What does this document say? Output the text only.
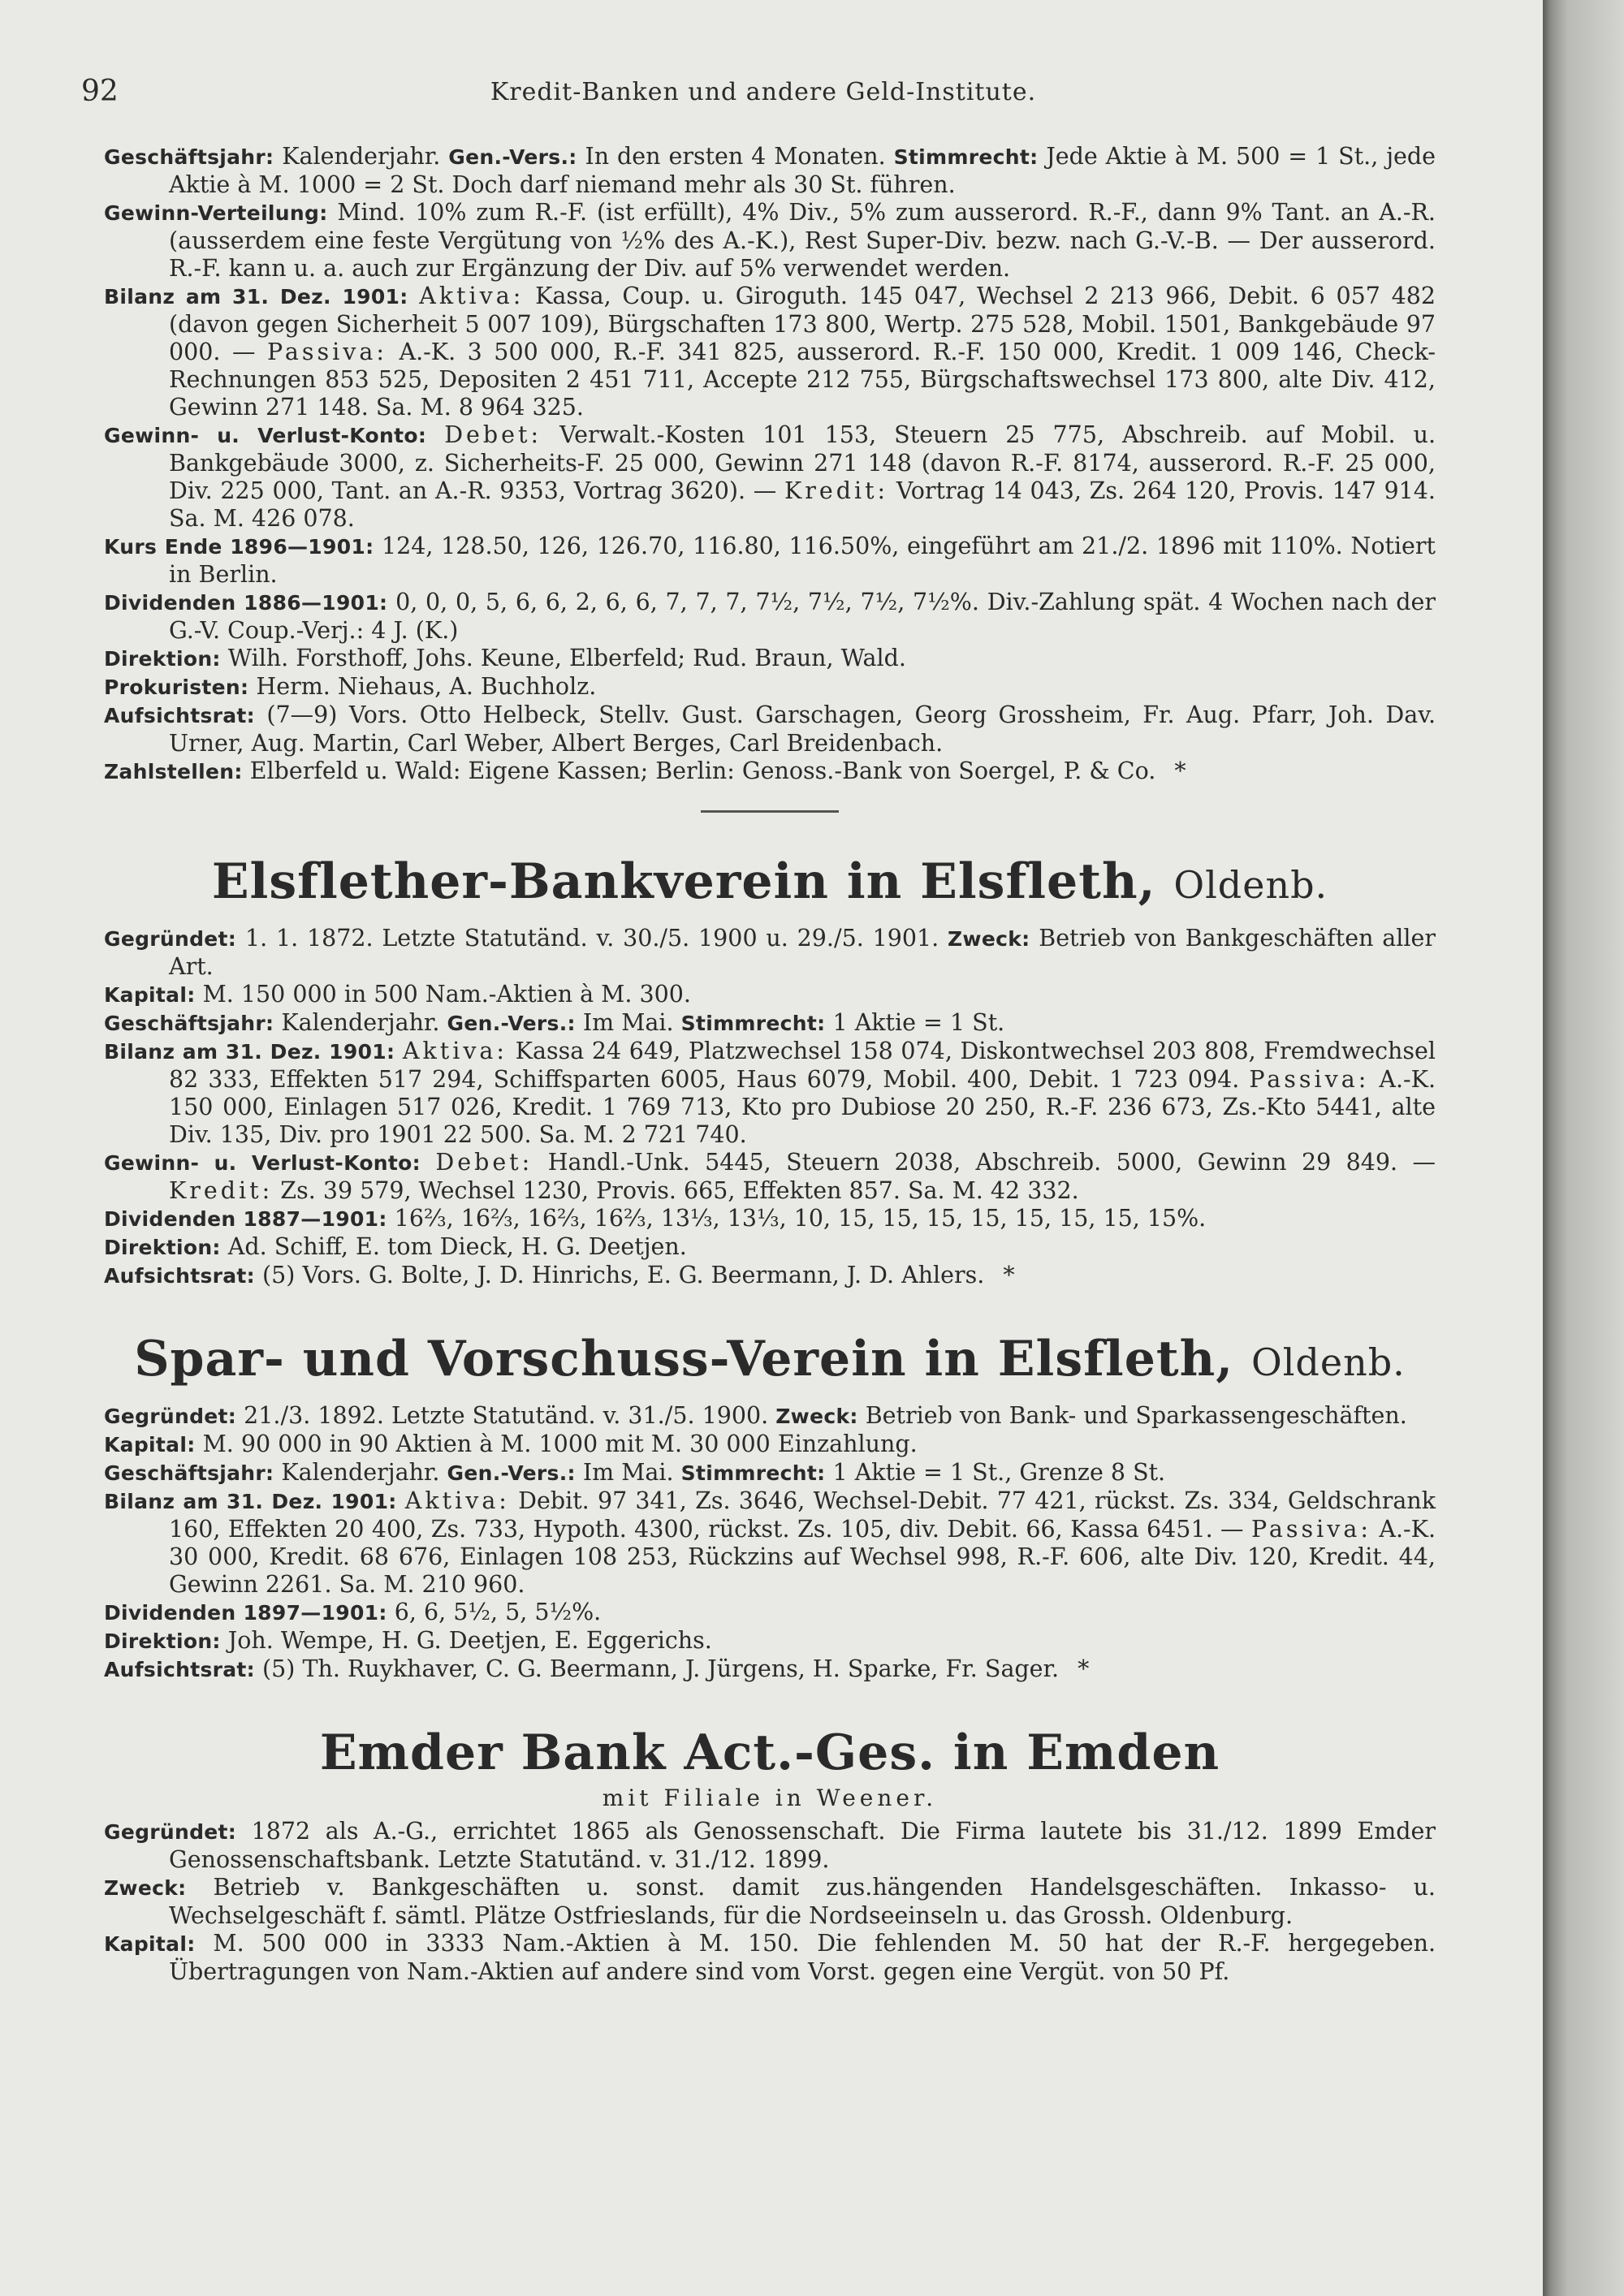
92	Kredit-Banken und andere Geld-Institute.

Geschäftsjahr: Kalenderjahr. Gen.-Vers.: In den ersten 4 Monaten. Stimmrecht: Jede Aktie à M. 500 = 1 St., jede Aktie à M. 1000 = 2 St. Doch darf niemand mehr als 30 St. führen.

Gewinn-Verteilung: Mind. 10% zum R.-F. (ist erfüllt), 4% Div., 5% zum ausserord. R.-F., dann 9% Tant. an A.-R. (ausserdem eine feste Vergütung von ½% des A.-K.), Rest Super-Div. bezw. nach G.-V.-B. — Der ausserord. R.-F. kann u. a. auch zur Ergänzung der Div. auf 5% verwendet werden.

Bilanz am 31. Dez. 1901: Aktiva: Kassa, Coup. u. Giroguth. 145 047, Wechsel 2 213 966, Debit. 6 057 482 (davon gegen Sicherheit 5 007 109), Bürgschaften 173 800, Wertp. 275 528, Mobil. 1501, Bankgebäude 97 000. — Passiva: A.-K. 3 500 000, R.-F. 341 825, ausserord. R.-F. 150 000, Kredit. 1 009 146, Check-Rechnungen 853 525, Depositen 2 451 711, Accepte 212 755, Bürgschaftswechsel 173 800, alte Div. 412, Gewinn 271 148. Sa. M. 8 964 325.

Gewinn- u. Verlust-Konto: Debet: Verwalt.-Kosten 101 153, Steuern 25 775, Abschreib. auf Mobil. u. Bankgebäude 3000, z. Sicherheits-F. 25 000, Gewinn 271 148 (davon R.-F. 8174, ausserord. R.-F. 25 000, Div. 225 000, Tant. an A.-R. 9353, Vortrag 3620). — Kredit: Vortrag 14 043, Zs. 264 120, Provis. 147 914. Sa. M. 426 078.

Kurs Ende 1896—1901: 124, 128.50, 126, 126.70, 116.80, 116.50%, eingeführt am 21./2. 1896 mit 110%. Notiert in Berlin.

Dividenden 1886—1901: 0, 0, 0, 5, 6, 6, 2, 6, 6, 7, 7, 7, 7½, 7½, 7½, 7½%. Div.-Zahlung spät. 4 Wochen nach der G.-V. Coup.-Verj.: 4 J. (K.)

Direktion: Wilh. Forsthoff, Johs. Keune, Elberfeld; Rud. Braun, Wald.

Prokuristen: Herm. Niehaus, A. Buchholz.

Aufsichtsrat: (7—9) Vors. Otto Helbeck, Stellv. Gust. Garschagen, Georg Grossheim, Fr. Aug. Pfarr, Joh. Dav. Urner, Aug. Martin, Carl Weber, Albert Berges, Carl Breidenbach.

Zahlstellen: Elberfeld u. Wald: Eigene Kassen; Berlin: Genoss.-Bank von Soergel, P. & Co. *

Elsflether-Bankverein in Elsfleth, Oldenb.

Gegründet: 1. 1. 1872. Letzte Statutänd. v. 30./5. 1900 u. 29./5. 1901. Zweck: Betrieb von Bankgeschäften aller Art.

Kapital: M. 150 000 in 500 Nam.-Aktien à M. 300.

Geschäftsjahr: Kalenderjahr. Gen.-Vers.: Im Mai. Stimmrecht: 1 Aktie = 1 St.

Bilanz am 31. Dez. 1901: Aktiva: Kassa 24 649, Platzwechsel 158 074, Diskontwechsel 203 808, Fremdwechsel 82 333, Effekten 517 294, Schiffsparten 6005, Haus 6079, Mobil. 400, Debit. 1 723 094. Passiva: A.-K. 150 000, Einlagen 517 026, Kredit. 1 769 713, Kto pro Dubiose 20 250, R.-F. 236 673, Zs.-Kto 5441, alte Div. 135, Div. pro 1901 22 500. Sa. M. 2 721 740.

Gewinn- u. Verlust-Konto: Debet: Handl.-Unk. 5445, Steuern 2038, Abschreib. 5000, Gewinn 29 849. — Kredit: Zs. 39 579, Wechsel 1230, Provis. 665, Effekten 857. Sa. M. 42 332.

Dividenden 1887—1901: 16⅔, 16⅔, 16⅔, 16⅔, 13⅓, 13⅓, 10, 15, 15, 15, 15, 15, 15, 15, 15%.

Direktion: Ad. Schiff, E. tom Dieck, H. G. Deetjen.

Aufsichtsrat: (5) Vors. G. Bolte, J. D. Hinrichs, E. G. Beermann, J. D. Ahlers. *

Spar- und Vorschuss-Verein in Elsfleth, Oldenb.

Gegründet: 21./3. 1892. Letzte Statutänd. v. 31./5. 1900. Zweck: Betrieb von Bank- und Sparkassengeschäften.

Kapital: M. 90 000 in 90 Aktien à M. 1000 mit M. 30 000 Einzahlung.

Geschäftsjahr: Kalenderjahr. Gen.-Vers.: Im Mai. Stimmrecht: 1 Aktie = 1 St., Grenze 8 St.

Bilanz am 31. Dez. 1901: Aktiva: Debit. 97 341, Zs. 3646, Wechsel-Debit. 77 421, rückst. Zs. 334, Geldschrank 160, Effekten 20 400, Zs. 733, Hypoth. 4300, rückst. Zs. 105, div. Debit. 66, Kassa 6451. — Passiva: A.-K. 30 000, Kredit. 68 676, Einlagen 108 253, Rückzins auf Wechsel 998, R.-F. 606, alte Div. 120, Kredit. 44, Gewinn 2261. Sa. M. 210 960.

Dividenden 1897—1901: 6, 6, 5½, 5, 5½%.

Direktion: Joh. Wempe, H. G. Deetjen, E. Eggerichs.

Aufsichtsrat: (5) Th. Ruykhaver, C. G. Beermann, J. Jürgens, H. Sparke, Fr. Sager. *

Emder Bank Act.-Ges. in Emden
mit Filiale in Weener.

Gegründet: 1872 als A.-G., errichtet 1865 als Genossenschaft. Die Firma lautete bis 31./12. 1899 Emder Genossenschaftsbank. Letzte Statutänd. v. 31./12. 1899.

Zweck: Betrieb v. Bankgeschäften u. sonst. damit zus.hängenden Handelsgeschäften. Inkasso- u. Wechselgeschäft f. sämtl. Plätze Ostfrieslands, für die Nordseeinseln u. das Grossh. Oldenburg.

Kapital: M. 500 000 in 3333 Nam.-Aktien à M. 150. Die fehlenden M. 50 hat der R.-F. hergegeben. Übertragungen von Nam.-Aktien auf andere sind vom Vorst. gegen eine Vergüt. von 50 Pf.
